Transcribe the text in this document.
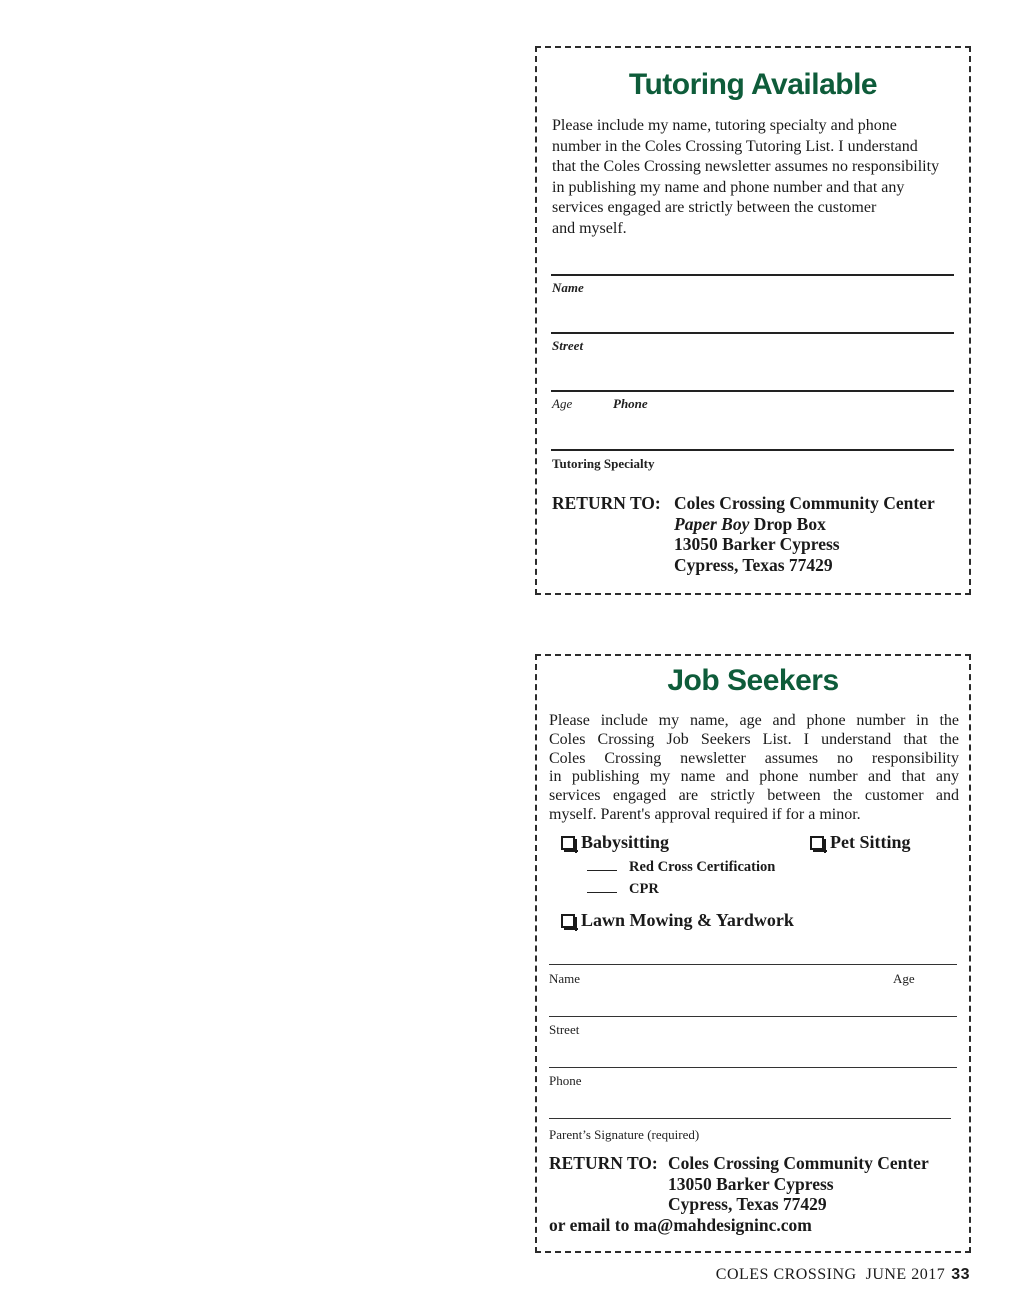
Tutoring Available
Please include my name, tutoring specialty and phone
number in the Coles Crossing Tutoring List. I understand
that the Coles Crossing newsletter assumes no responsibility
in publishing my name and phone number and that any
services engaged are strictly between the customer
and myself.
Name
Street
Age	Phone
Tutoring Specialty
RETURN TO: Coles Crossing Community Center
Paper Boy Drop Box
13050 Barker Cypress
Cypress, Texas 77429
Job Seekers
Please include my name, age and phone number in the
Coles Crossing Job Seekers List. I understand that the
Coles Crossing newsletter assumes no responsibility
in publishing my name and phone number and that any
services engaged are strictly between the customer and
myself. Parent's approval required if for a minor.
Babysitting	Pet Sitting
Red Cross Certification
CPR
Lawn Mowing & Yardwork
Name	Age
Street
Phone
Parent’s Signature (required)
RETURN TO: Coles Crossing Community Center
13050 Barker Cypress
Cypress, Texas 77429
or email to ma@mahdesigninc.com
COLES CROSSING  JUNE 2017 33
